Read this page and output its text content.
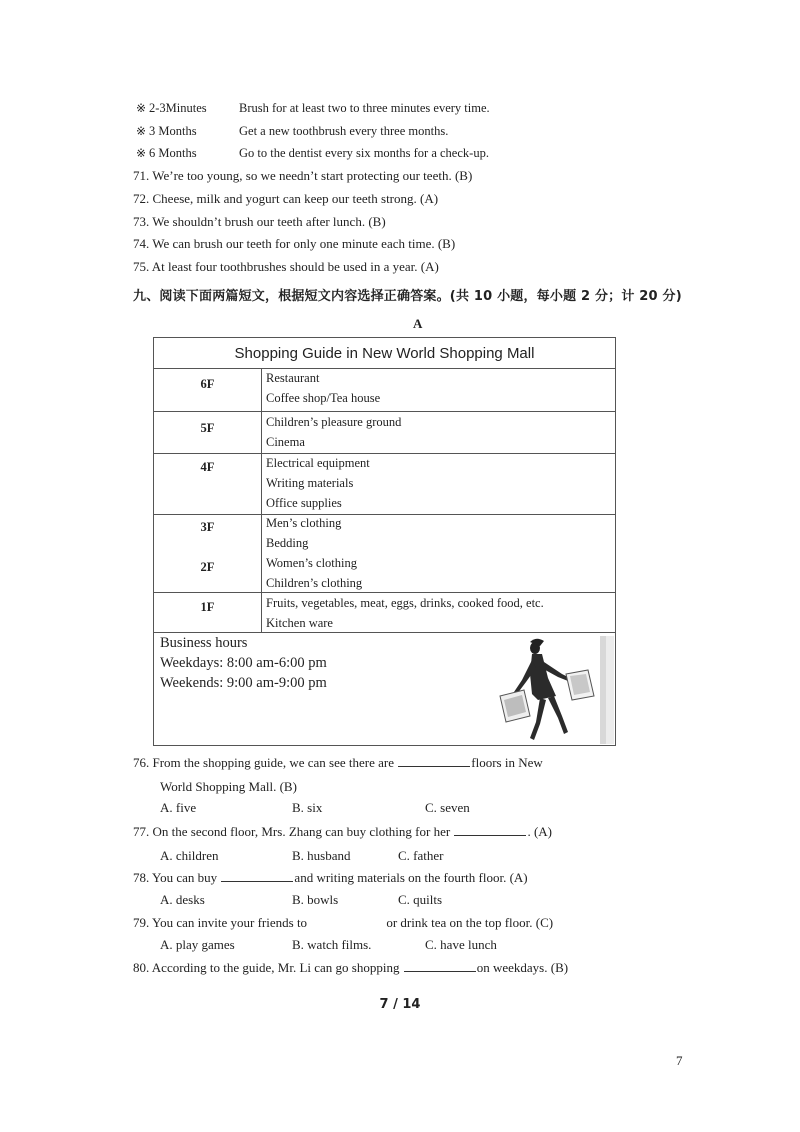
※ 2-3Minutes	Brush for at least two to three minutes every time.
※ 3 Months	Get a new toothbrush every three months.
※ 6 Months	Go to the dentist every six months for a check-up.
71. We’re too young, so we needn’t start protecting our teeth. (B)
72. Cheese, milk and yogurt can keep our teeth strong. (A)
73. We shouldn’t brush our teeth after lunch. (B)
74. We can brush our teeth for only one minute each time. (B)
75. At least four toothbrushes should be used in a year. (A)
九、阅读下面两篇短文，根据短文内容选择正确答案。(共 10 小题，每小题 2 分；计 20 分)
A
Shopping Guide in New World Shopping Mall
6F	Restaurant
Coffee shop/Tea house
5F	Children’s pleasure ground
Cinema
4F	Electrical equipment
Writing materials
Office supplies
3F	Men’s clothing
Bedding
2F	Women’s clothing
Children’s clothing
1F	Fruits, vegetables, meat, eggs, drinks, cooked food, etc.
Kitchen ware
Business hours
Weekdays: 8:00 am-6:00 pm
Weekends: 9:00 am-9:00 pm
76. From the shopping guide, we can see there are	floors in New
World Shopping Mall. (B)
A. five	B. six	C. seven
77. On the second floor, Mrs. Zhang can buy clothing for her	. (A)
A. children	B. husband	C. father
78. You can buy	and writing materials on the fourth floor. (A)
A. desks	B. bowls	C. quilts
79. You can invite your friends to	or drink tea on the top floor. (C)
A. play games	B. watch films.	C. have lunch
80. According to the guide, Mr. Li can go shopping	on weekdays. (B)
7 / 14
7
